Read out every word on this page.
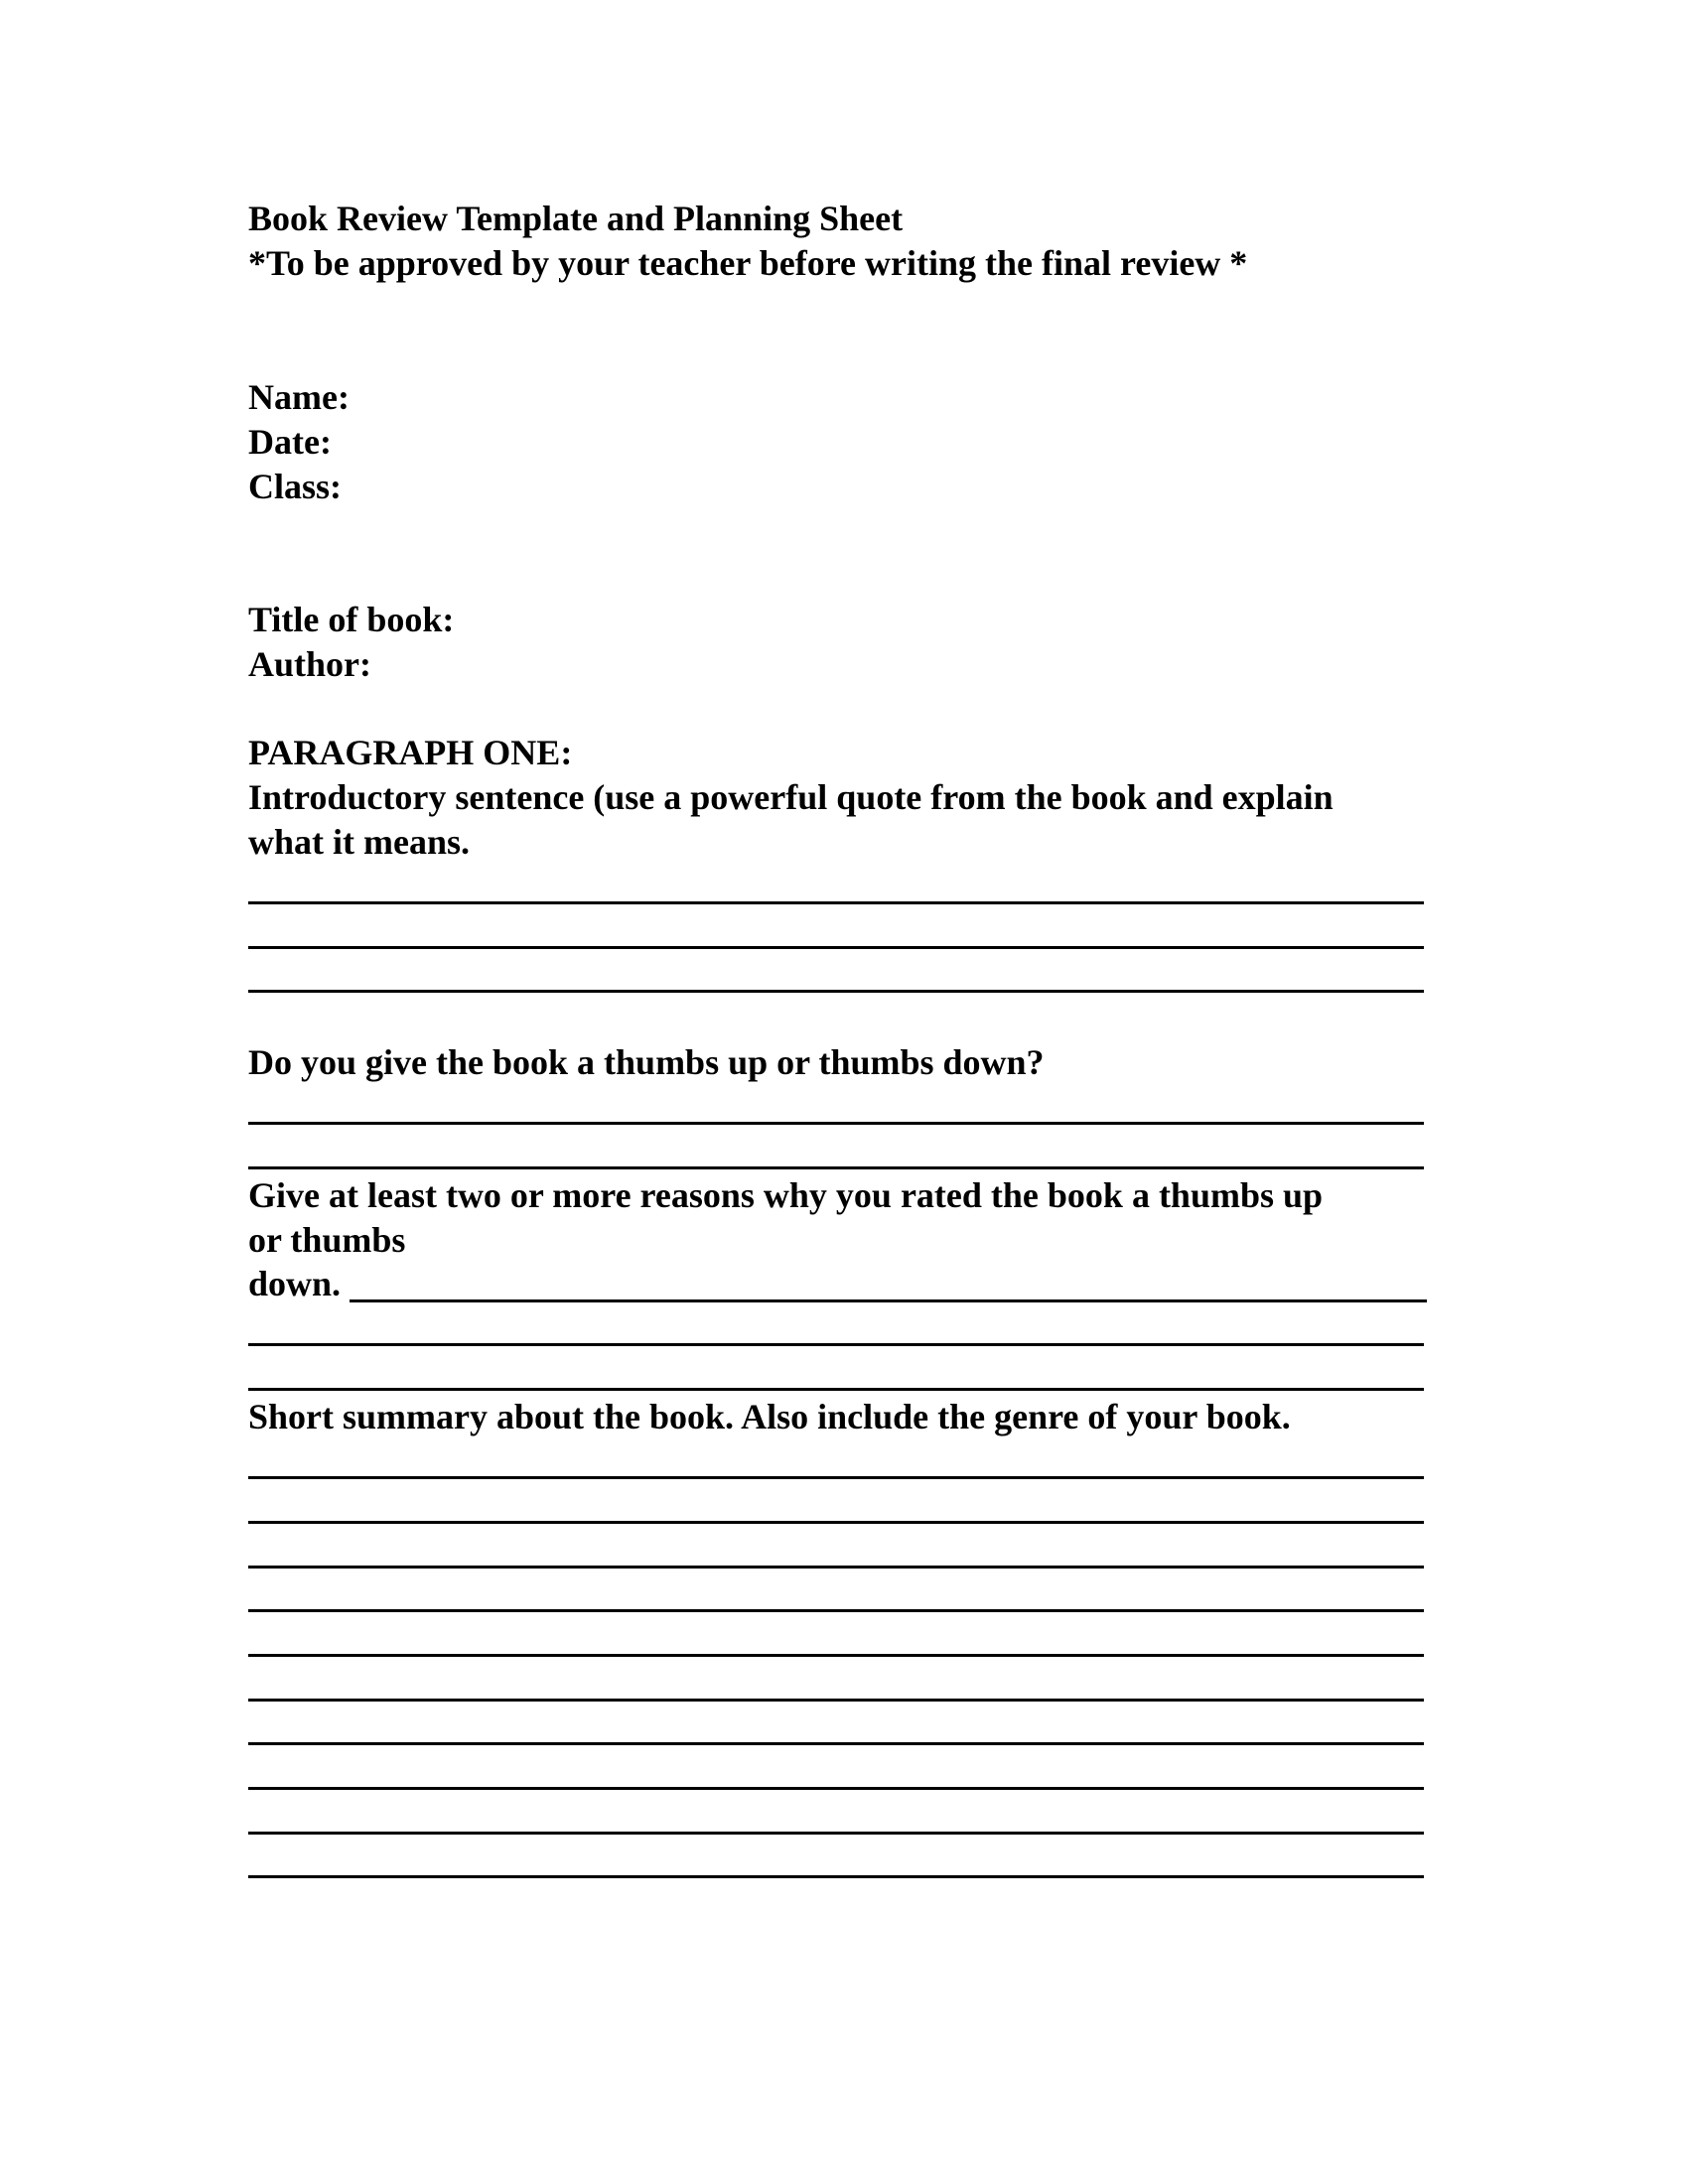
Book Review Template and Planning Sheet

*To be approved by your teacher before writing the final review *

Name:

Date:

Class:

Title of book:

Author:

PARAGRAPH ONE:

Introductory sentence (use a powerful quote from the book and explain

what it means.

Do you give the book a thumbs up or thumbs down?

Give at least two or more reasons why you rated the book a thumbs up

or thumbs

down.

Short summary about the book. Also include the genre of your book.
